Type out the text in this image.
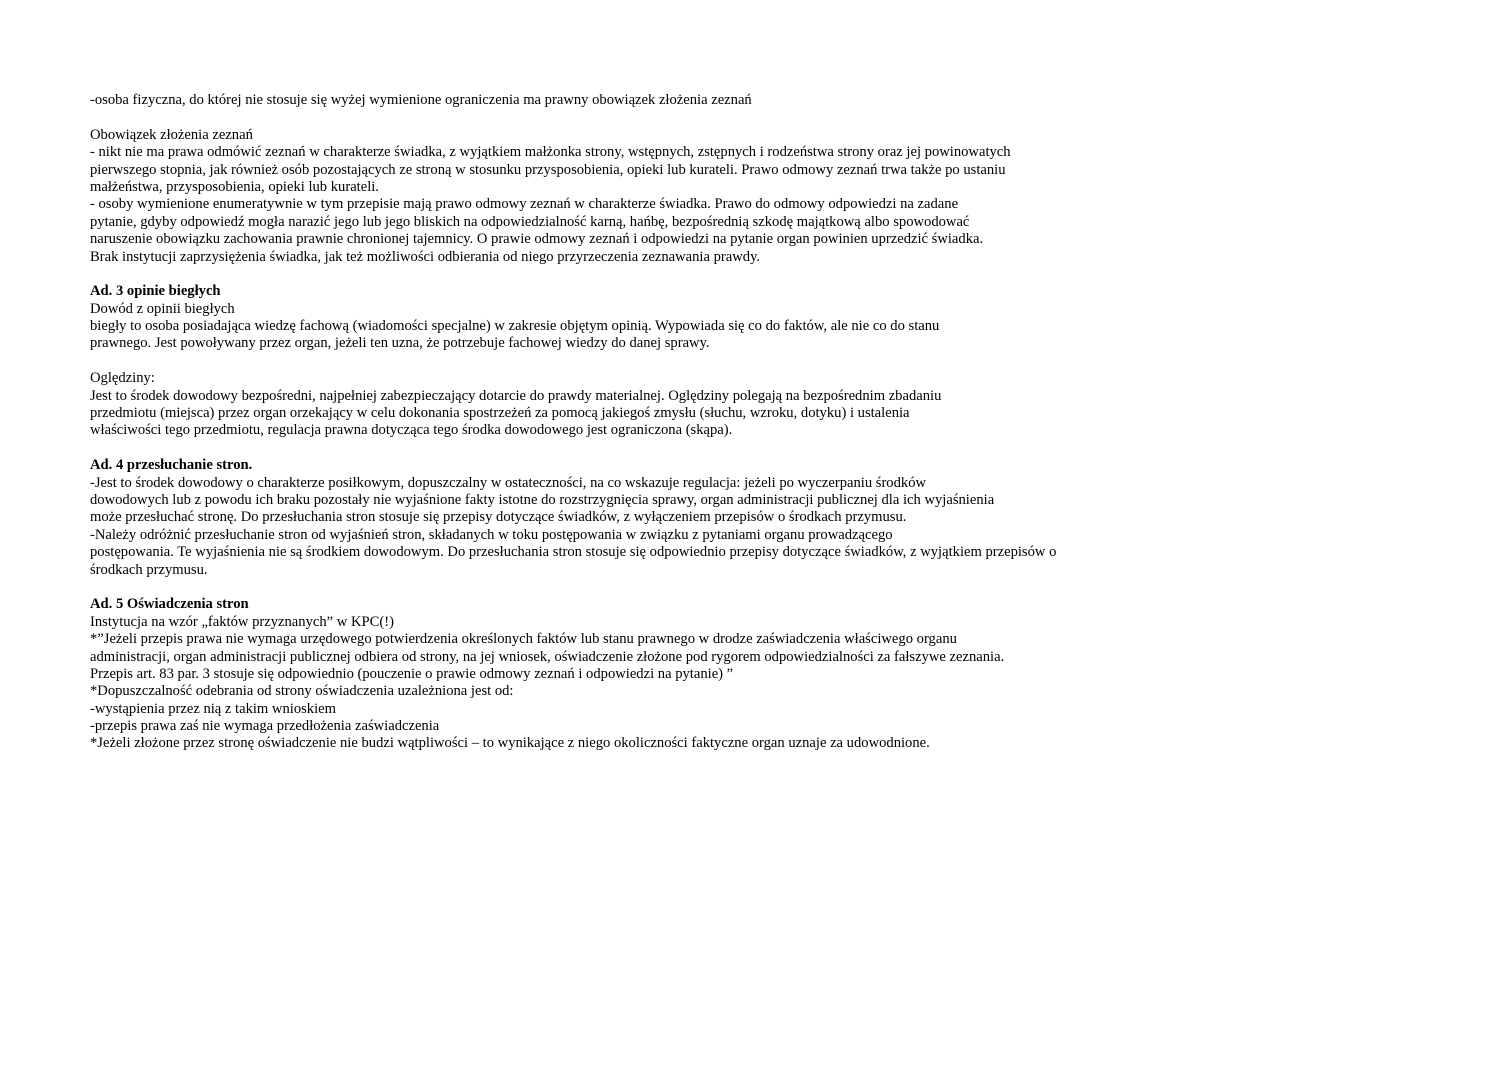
-osoba fizyczna, do której nie stosuje się wyżej wymienione ograniczenia ma prawny obowiązek złożenia zeznań
Obowiązek złożenia zeznań
- nikt nie ma prawa odmówić zeznań w charakterze świadka, z wyjątkiem małżonka strony, wstępnych, zstępnych i rodzeństwa strony oraz jej powinowatych
pierwszego stopnia, jak również osób pozostających ze stroną w stosunku przysposobienia, opieki lub kurateli. Prawo odmowy zeznań trwa także po ustaniu
małżeństwa, przysposobienia, opieki lub kurateli.
- osoby wymienione enumeratywnie w tym przepisie mają prawo odmowy zeznań w charakterze świadka. Prawo do odmowy odpowiedzi na zadane
pytanie, gdyby odpowiedź mogła narazić jego lub jego bliskich na odpowiedzialność karną, hańbę, bezpośrednią szkodę majątkową albo spowodować
naruszenie obowiązku zachowania prawnie chronionej tajemnicy. O prawie odmowy zeznań i odpowiedzi na pytanie organ powinien uprzedzić świadka.
Brak instytucji zaprzysiężenia świadka, jak też możliwości odbierania od niego przyrzeczenia zeznawania prawdy.
Ad. 3 opinie biegłych
Dowód z opinii biegłych
biegły to osoba posiadająca wiedzę fachową (wiadomości specjalne) w zakresie objętym opinią. Wypowiada się co do faktów, ale nie co do stanu
prawnego. Jest powoływany przez organ, jeżeli ten uzna, że potrzebuje fachowej wiedzy do danej sprawy.
Oględziny:
Jest to środek dowodowy bezpośredni, najpełniej zabezpieczający dotarcie do prawdy materialnej. Oględziny polegają na bezpośrednim zbadaniu
przedmiotu (miejsca) przez organ orzekający w celu dokonania spostrzeżeń za pomocą jakiegoś zmysłu (słuchu, wzroku, dotyku) i ustalenia
właściwości tego przedmiotu, regulacja prawna dotycząca tego środka dowodowego jest ograniczona (skąpa).
Ad. 4 przesłuchanie stron.
-Jest to środek dowodowy o charakterze posiłkowym, dopuszczalny w ostateczności, na co wskazuje regulacja: jeżeli po wyczerpaniu środków
dowodowych lub z powodu ich braku pozostały nie wyjaśnione fakty istotne do rozstrzygnięcia sprawy, organ administracji publicznej dla ich wyjaśnienia
może przesłuchać stronę. Do przesłuchania stron stosuje się przepisy dotyczące świadków, z wyłączeniem przepisów o środkach przymusu.
-Należy odróżnić przesłuchanie stron od wyjaśnień stron, składanych w toku postępowania w związku z pytaniami organu prowadzącego
postępowania. Te wyjaśnienia nie są środkiem dowodowym. Do przesłuchania stron stosuje się odpowiednio przepisy dotyczące świadków, z wyjątkiem przepisów o
środkach przymusu.
Ad. 5 Oświadczenia stron
Instytucja na wzór „faktów przyznanych” w KPC(!)
*”Jeżeli przepis prawa nie wymaga urzędowego potwierdzenia określonych faktów lub stanu prawnego w drodze zaświadczenia właściwego organu
administracji, organ administracji publicznej odbiera od strony, na jej wniosek, oświadczenie złożone pod rygorem odpowiedzialności za fałszywe zeznania.
Przepis art. 83 par. 3 stosuje się odpowiednio (pouczenie o prawie odmowy zeznań i odpowiedzi na pytanie) ”
*Dopuszczalność odebrania od strony oświadczenia uzależniona jest od:
-wystąpienia przez nią z takim wnioskiem
-przepis prawa zaś nie wymaga przedłożenia zaświadczenia
*Jeżeli złożone przez stronę oświadczenie nie budzi wątpliwości – to wynikające z niego okoliczności faktyczne organ uznaje za udowodnione.
